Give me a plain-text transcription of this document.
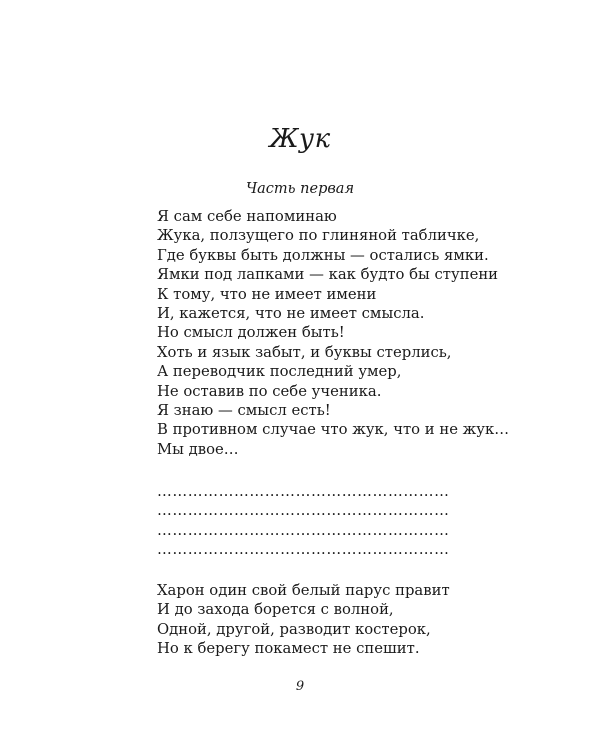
Жук
Часть первая
Я сам себе напоминаю
Жука, ползущего по глиняной табличке,
Где буквы быть должны — остались ямки.
Ямки под лапками — как будто бы ступени
К тому, что не имеет имени
И, кажется, что не имеет смысла.
Но смысл должен быть!
Хоть и язык забыт, и буквы стерлись,
А переводчик последний умер,
Не оставив по себе ученика.
Я знаю — смысл есть!
В противном случае что жук, что и не жук…
Мы двое…
…………………………………………………
…………………………………………………
…………………………………………………
…………………………………………………
Харон один свой белый парус правит
И до захода борется с волной,
Одной, другой, разводит костерок,
Но к берегу покамест не спешит.
9
